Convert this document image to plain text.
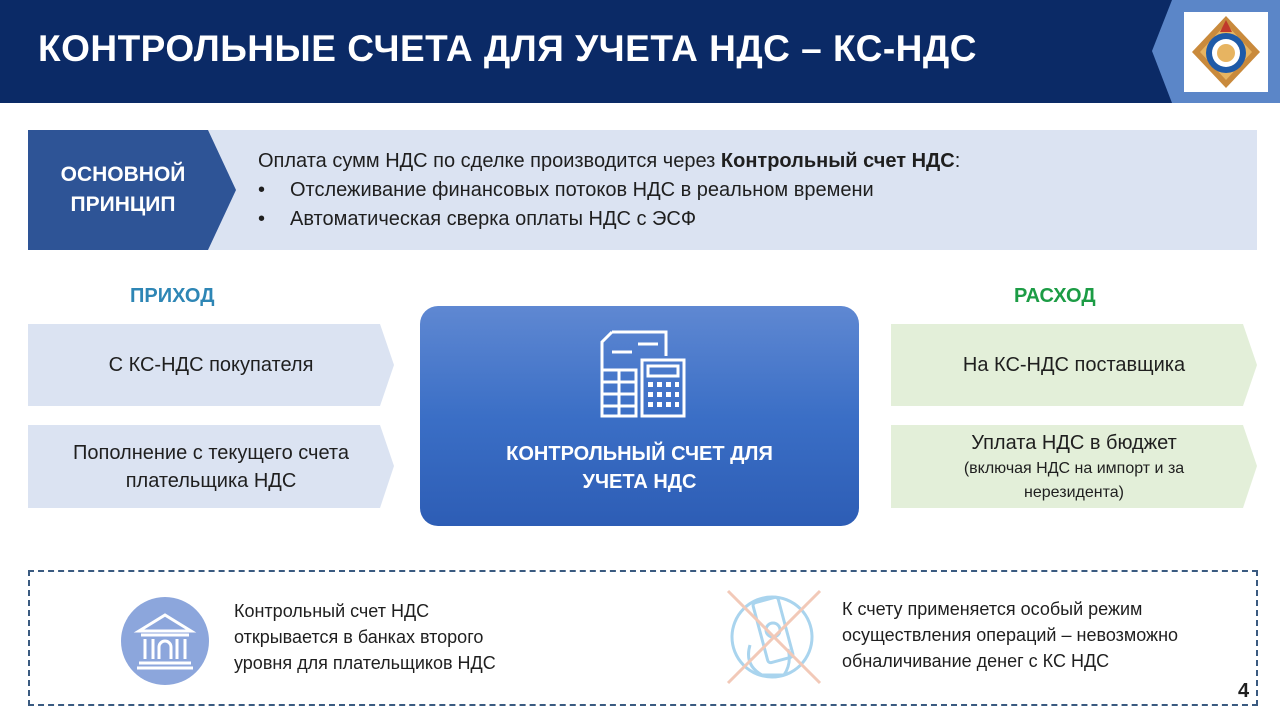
КОНТРОЛЬНЫЕ СЧЕТА ДЛЯ УЧЕТА НДС – КС-НДС
ОСНОВНОЙ
ПРИНЦИП
Оплата сумм НДС по сделке производится через Контрольный счет НДС:
• Отслеживание финансовых потоков НДС в реальном времени
• Автоматическая сверка оплаты НДС с ЭСФ
ПРИХОД	РАСХОД
С КС-НДС покупателя
Пополнение с текущего счета
плательщика НДС
КОНТРОЛЬНЫЙ СЧЕТ ДЛЯ
УЧЕТА НДС
На КС-НДС поставщика
Уплата НДС в бюджет
(включая НДС на импорт и за
нерезидента)
Контрольный счет НДС
открывается в банках второго
уровня для плательщиков НДС
К счету применяется особый режим
осуществления операций – невозможно
обналичивание денег с КС НДС
4
